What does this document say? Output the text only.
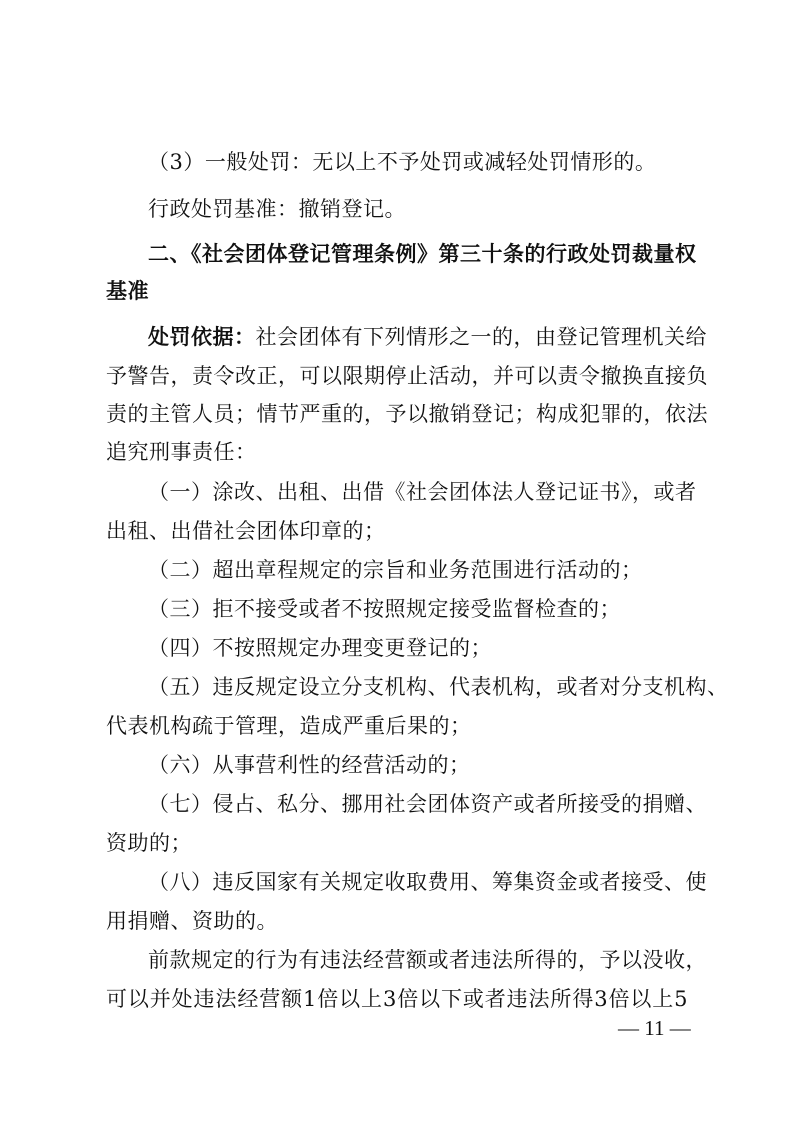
（3）一般处罚：无以上不予处罚或减轻处罚情形的。
行政处罚基准：撤销登记。
二、《社会团体登记管理条例》第三十条的行政处罚裁量权
基准
处罚依据：社会团体有下列情形之一的，由登记管理机关给
予警告，责令改正，可以限期停止活动，并可以责令撤换直接负
责的主管人员；情节严重的，予以撤销登记；构成犯罪的，依法
追究刑事责任：
（一）涂改、出租、出借《社会团体法人登记证书》，或者
出租、出借社会团体印章的；
（二）超出章程规定的宗旨和业务范围进行活动的；
（三）拒不接受或者不按照规定接受监督检查的；
（四）不按照规定办理变更登记的；
（五）违反规定设立分支机构、代表机构，或者对分支机构、
代表机构疏于管理，造成严重后果的；
（六）从事营利性的经营活动的；
（七）侵占、私分、挪用社会团体资产或者所接受的捐赠、
资助的；
（八）违反国家有关规定收取费用、筹集资金或者接受、使
用捐赠、资助的。
前款规定的行为有违法经营额或者违法所得的，予以没收，
可以并处违法经营额1倍以上3倍以下或者违法所得3倍以上5
— 11 —
